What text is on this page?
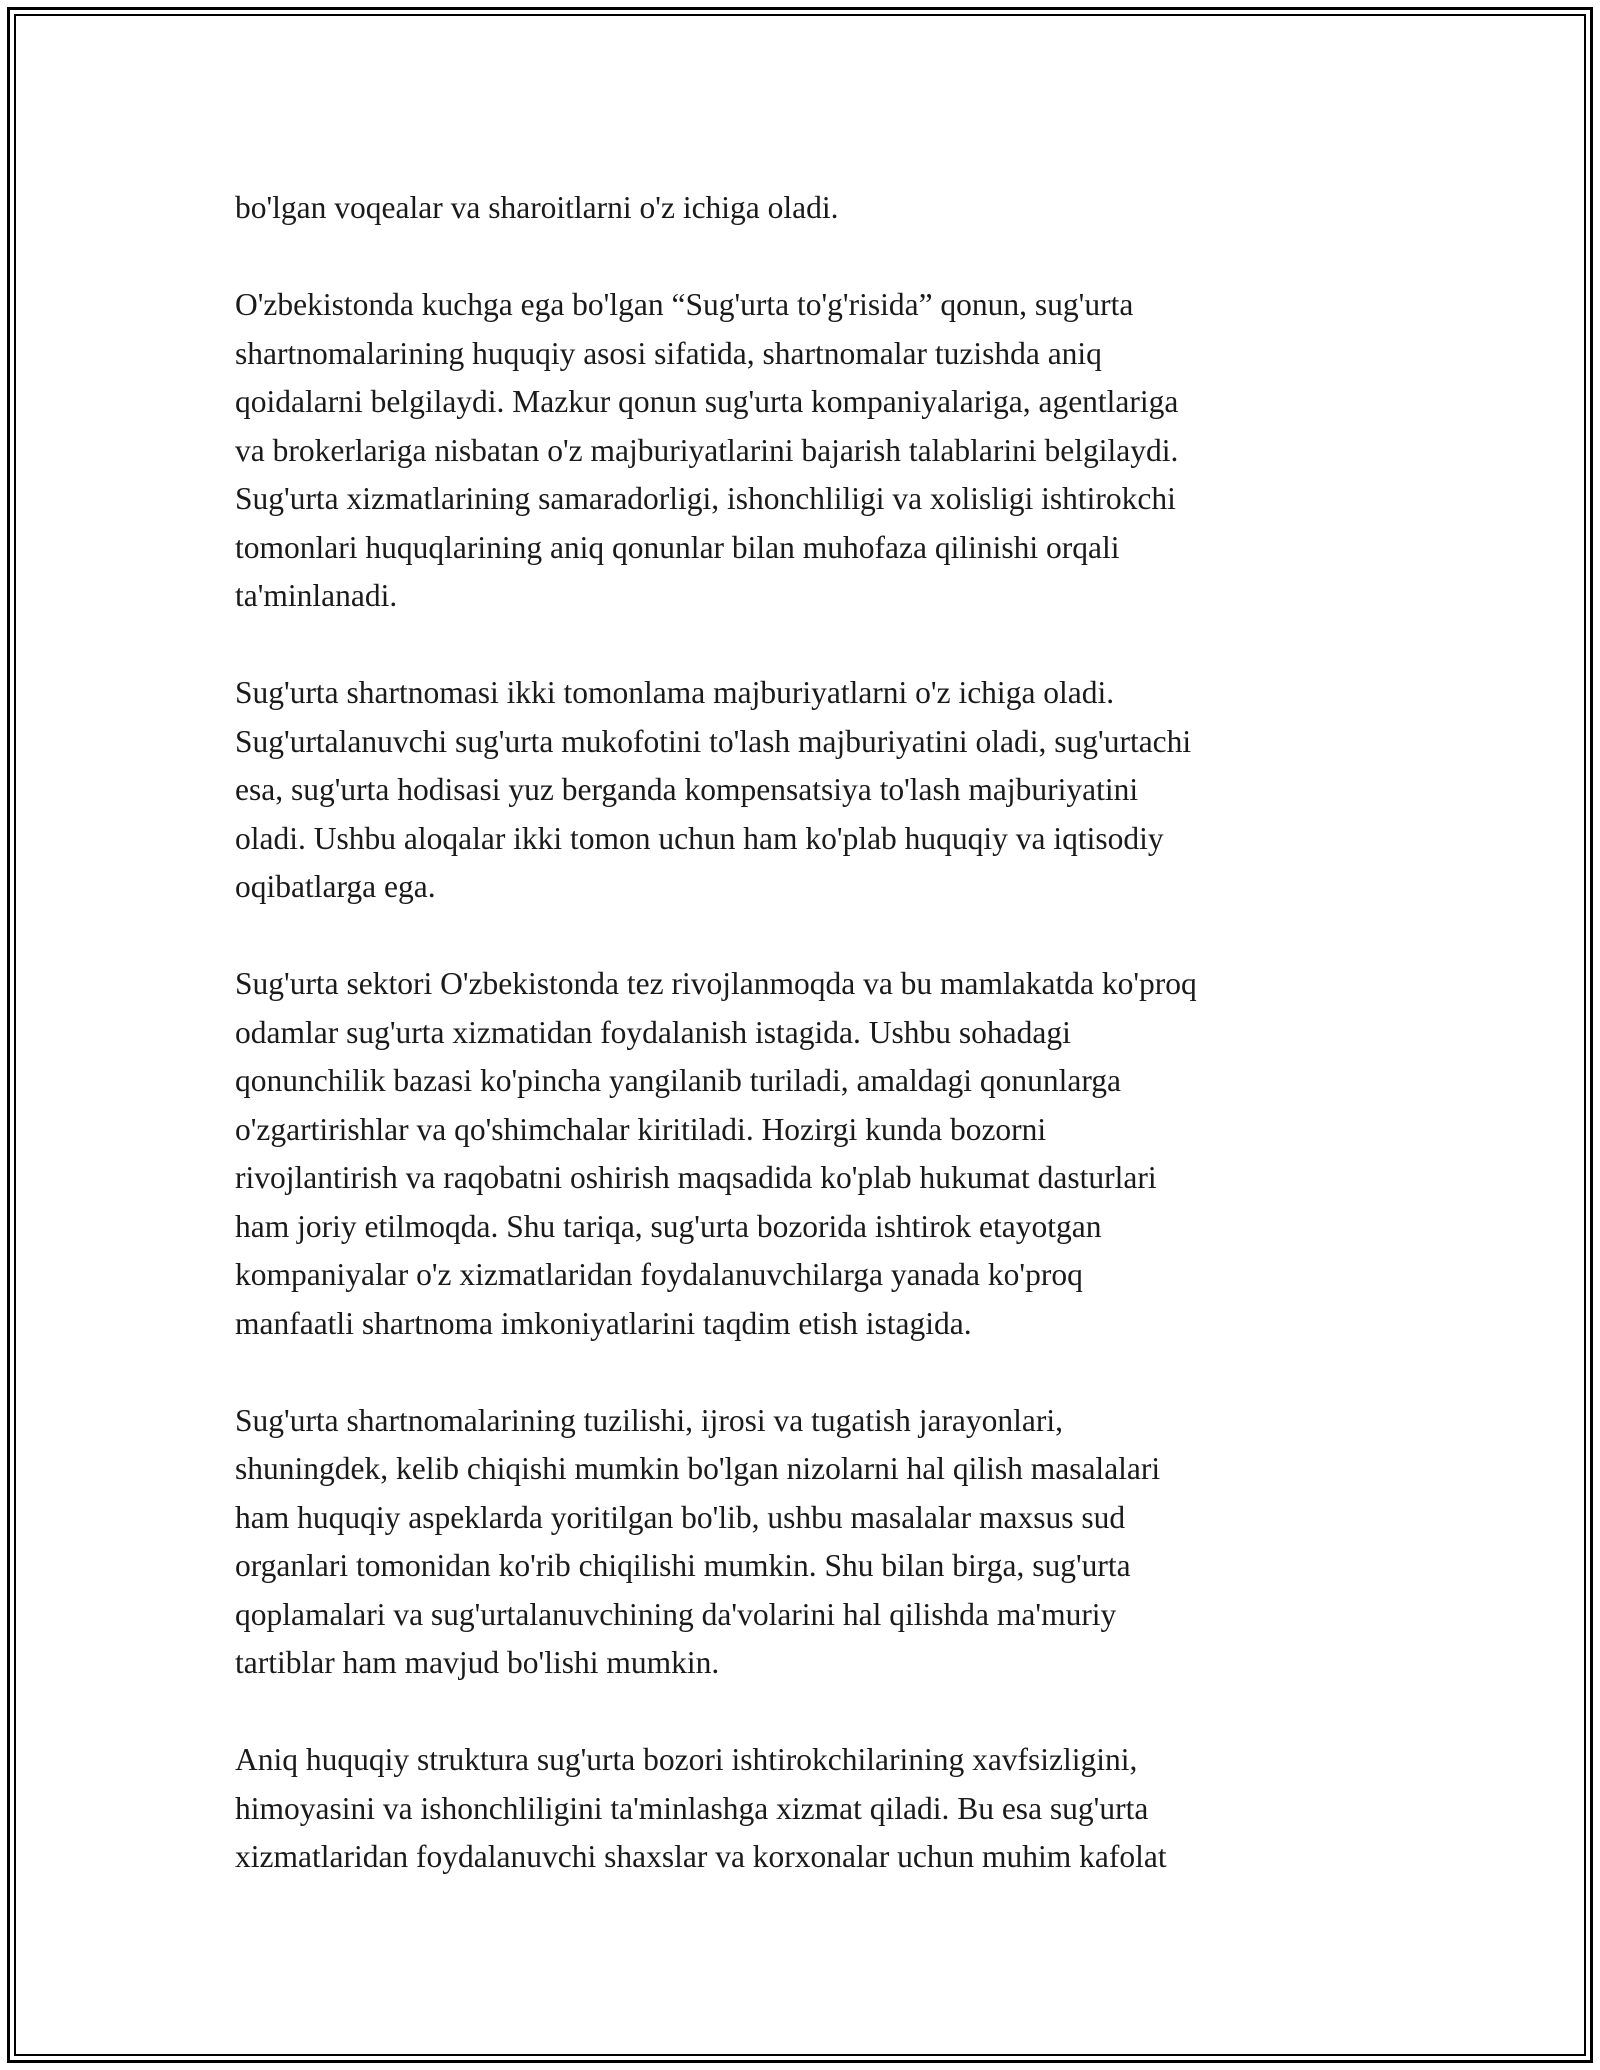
bo'lgan voqealar va sharoitlarni o'z ichiga oladi.

O'zbekistonda kuchga ega bo'lgan “Sug'urta to'g'risida” qonun, sug'urta
shartnomalarining huquqiy asosi sifatida, shartnomalar tuzishda aniq
qoidalarni belgilaydi. Mazkur qonun sug'urta kompaniyalariga, agentlariga
va brokerlariga nisbatan o'z majburiyatlarini bajarish talablarini belgilaydi.
Sug'urta xizmatlarining samaradorligi, ishonchliligi va xolisligi ishtirokchi
tomonlari huquqlarining aniq qonunlar bilan muhofaza qilinishi orqali
ta'minlanadi.

Sug'urta shartnomasi ikki tomonlama majburiyatlarni o'z ichiga oladi.
Sug'urtalanuvchi sug'urta mukofotini to'lash majburiyatini oladi, sug'urtachi
esa, sug'urta hodisasi yuz berganda kompensatsiya to'lash majburiyatini
oladi. Ushbu aloqalar ikki tomon uchun ham ko'plab huquqiy va iqtisodiy
oqibatlarga ega.

Sug'urta sektori O'zbekistonda tez rivojlanmoqda va bu mamlakatda ko'proq
odamlar sug'urta xizmatidan foydalanish istagida. Ushbu sohadagi
qonunchilik bazasi ko'pincha yangilanib turiladi, amaldagi qonunlarga
o'zgartirishlar va qo'shimchalar kiritiladi. Hozirgi kunda bozorni
rivojlantirish va raqobatni oshirish maqsadida ko'plab hukumat dasturlari
ham joriy etilmoqda. Shu tariqa, sug'urta bozorida ishtirok etayotgan
kompaniyalar o'z xizmatlaridan foydalanuvchilarga yanada ko'proq
manfaatli shartnoma imkoniyatlarini taqdim etish istagida.

Sug'urta shartnomalarining tuzilishi, ijrosi va tugatish jarayonlari,
shuningdek, kelib chiqishi mumkin bo'lgan nizolarni hal qilish masalalari
ham huquqiy aspeklarda yoritilgan bo'lib, ushbu masalalar maxsus sud
organlari tomonidan ko'rib chiqilishi mumkin. Shu bilan birga, sug'urta
qoplamalari va sug'urtalanuvchining da'volarini hal qilishda ma'muriy
tartiblar ham mavjud bo'lishi mumkin.

Aniq huquqiy struktura sug'urta bozori ishtirokchilarining xavfsizligini,
himoyasini va ishonchliligini ta'minlashga xizmat qiladi. Bu esa sug'urta
xizmatlaridan foydalanuvchi shaxslar va korxonalar uchun muhim kafolat
